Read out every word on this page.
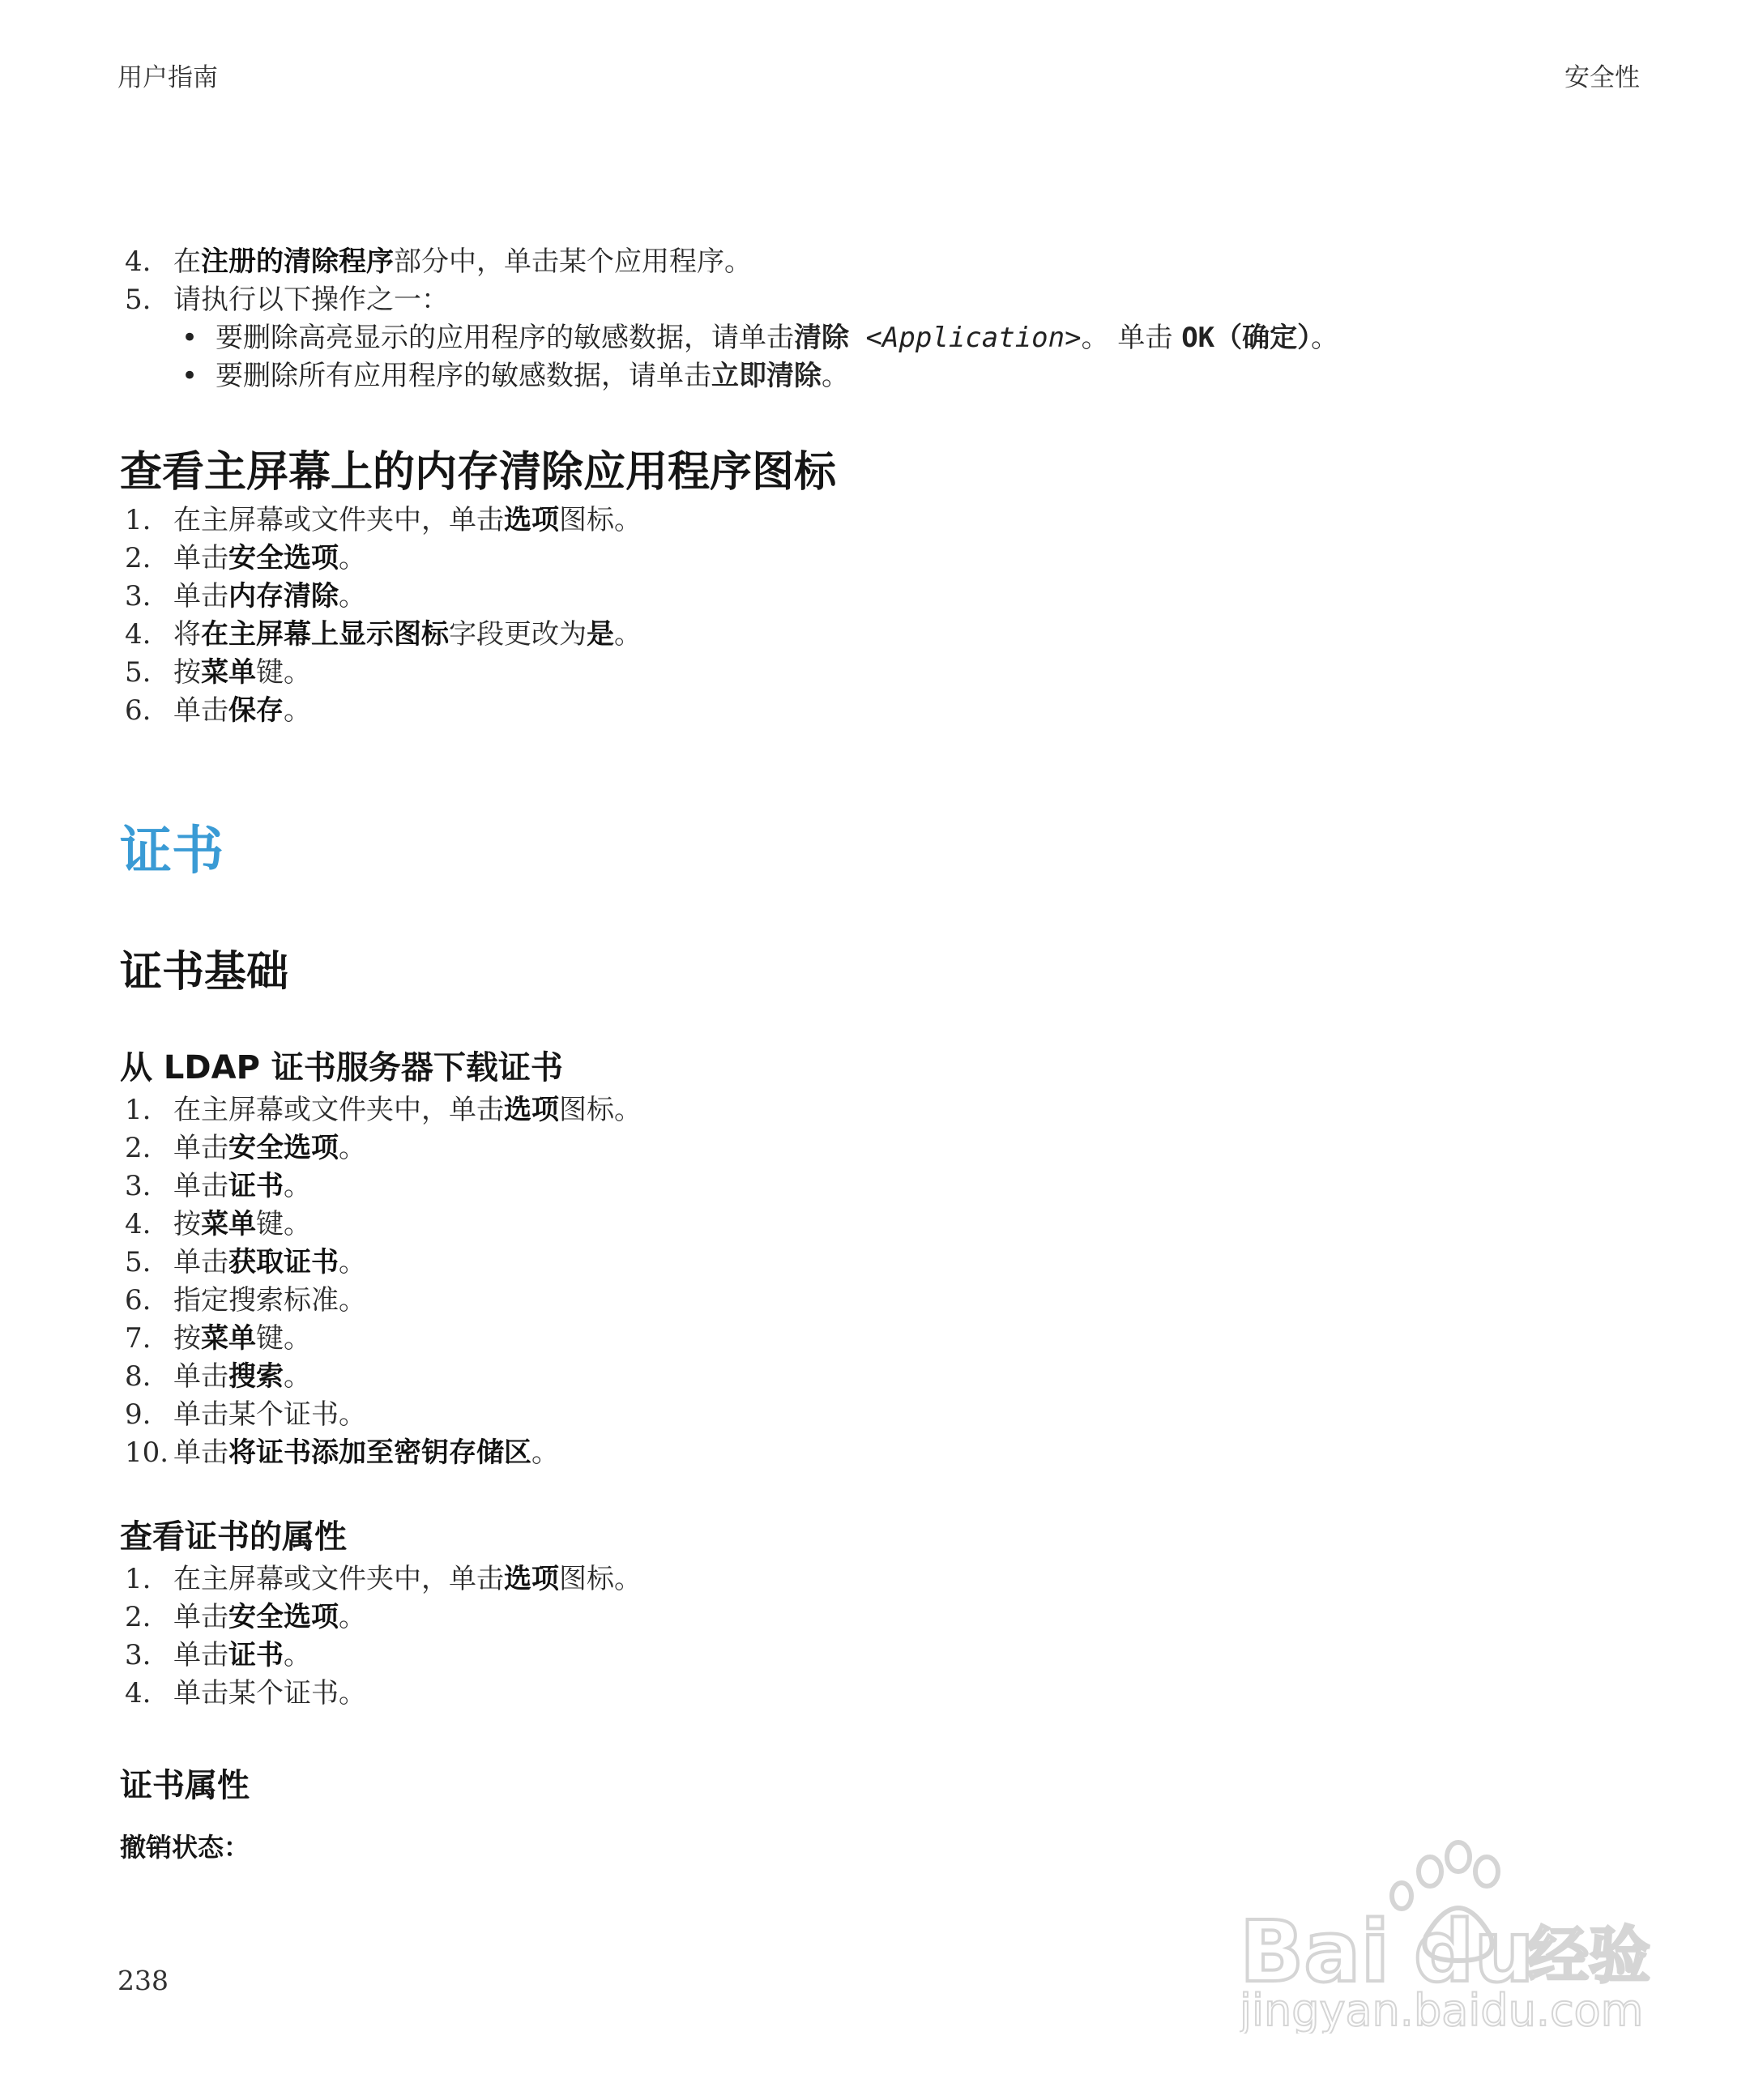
用户指南	安全性
4. 在注册的清除程序部分中，单击某个应用程序。
5. 请执行以下操作之一：
• 要删除高亮显示的应用程序的敏感数据，请单击清除 <Application>。 单击 OK（确定）。
• 要删除所有应用程序的敏感数据，请单击立即清除。
查看主屏幕上的内存清除应用程序图标
1. 在主屏幕或文件夹中，单击选项图标。
2. 单击安全选项。
3. 单击内存清除。
4. 将在主屏幕上显示图标字段更改为是。
5. 按菜单键。
6. 单击保存。
证书
证书基础
从 LDAP 证书服务器下载证书
1. 在主屏幕或文件夹中，单击选项图标。
2. 单击安全选项。
3. 单击证书。
4. 按菜单键。
5. 单击获取证书。
6. 指定搜索标准。
7. 按菜单键。
8. 单击搜索。
9. 单击某个证书。
10. 单击将证书添加至密钥存储区。
查看证书的属性
1. 在主屏幕或文件夹中，单击选项图标。
2. 单击安全选项。
3. 单击证书。
4. 单击某个证书。
证书属性
撤销状态：
238	Bai du
经验
jingyan.baidu.com
